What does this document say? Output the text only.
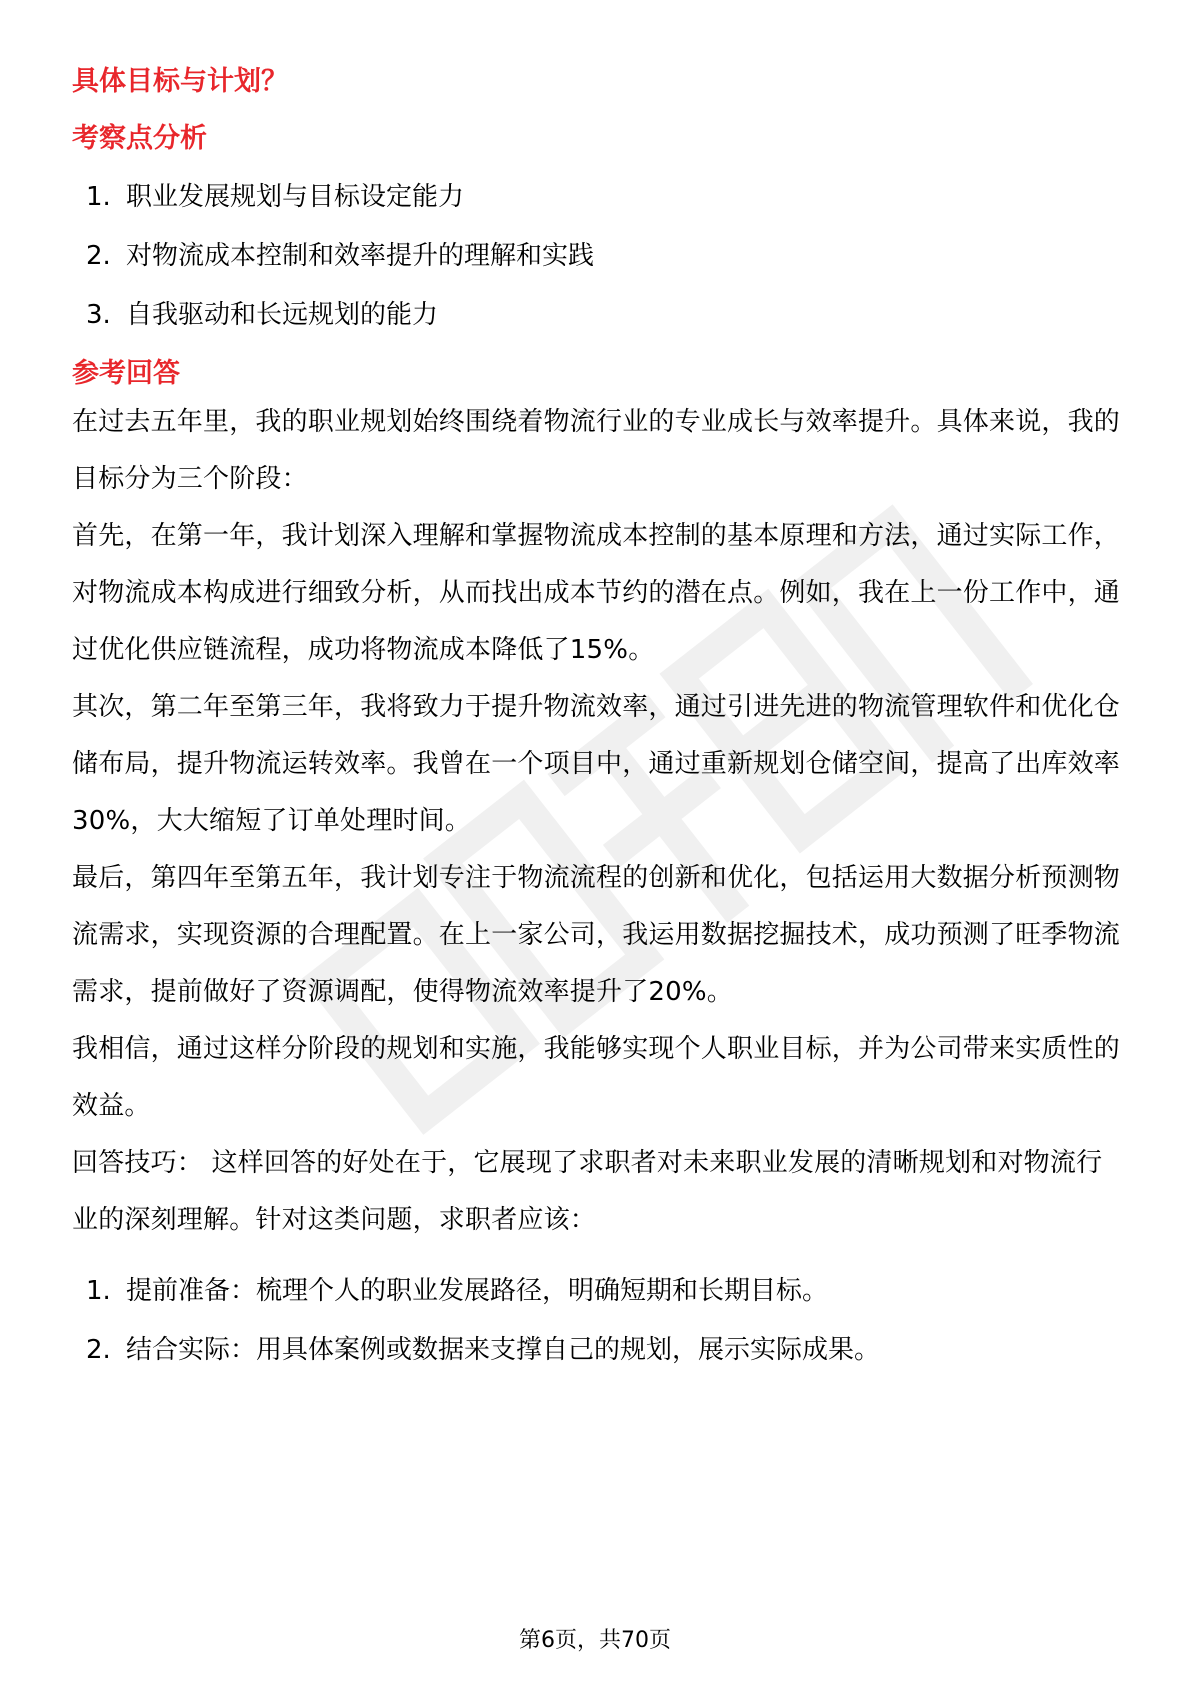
具体目标与计划？
考察点分析
1. 职业发展规划与目标设定能力
2. 对物流成本控制和效率提升的理解和实践
3. 自我驱动和长远规划的能力
参考回答

在过去五年里，我的职业规划始终围绕着物流行业的专业成长与效率提升。具体来说，我的目标分为三个阶段：

首先，在第一年，我计划深入理解和掌握物流成本控制的基本原理和方法，通过实际工作，对物流成本构成进行细致分析，从而找出成本节约的潜在点。例如，我在上一份工作中，通过优化供应链流程，成功将物流成本降低了15%。

其次，第二年至第三年，我将致力于提升物流效率，通过引进先进的物流管理软件和优化仓储布局，提升物流运转效率。我曾在一个项目中，通过重新规划仓储空间，提高了出库效率30%，大大缩短了订单处理时间。

最后，第四年至第五年，我计划专注于物流流程的创新和优化，包括运用大数据分析预测物流需求，实现资源的合理配置。在上一家公司，我运用数据挖掘技术，成功预测了旺季物流需求，提前做好了资源调配，使得物流效率提升了20%。

我相信，通过这样分阶段的规划和实施，我能够实现个人职业目标，并为公司带来实质性的效益。

回答技巧： 这样回答的好处在于，它展现了求职者对未来职业发展的清晰规划和对物流行业的深刻理解。针对这类问题，求职者应该：

1. 提前准备：梳理个人的职业发展路径，明确短期和长期目标。
2. 结合实际：用具体案例或数据来支撑自己的规划，展示实际成果。
第6页，共70页
